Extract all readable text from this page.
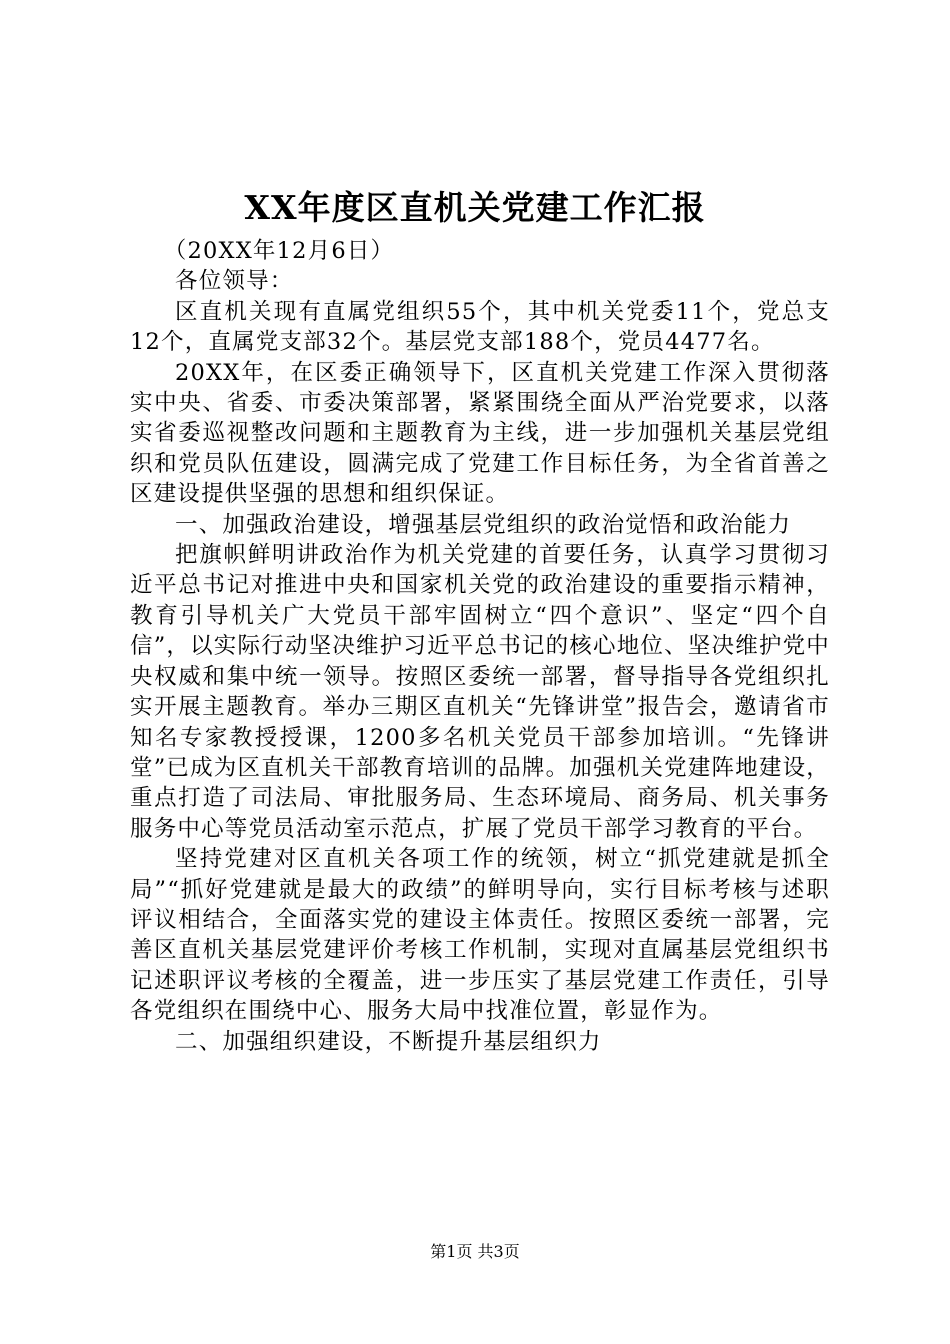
XX年度区直机关党建工作汇报

（20XX年12月6日）

各位领导：

区直机关现有直属党组织55个，其中机关党委11个，党总支12个，直属党支部32个。基层党支部188个，党员4477名。

20XX年，在区委正确领导下，区直机关党建工作深入贯彻落实中央、省委、市委决策部署，紧紧围绕全面从严治党要求，以落实省委巡视整改问题和主题教育为主线，进一步加强机关基层党组织和党员队伍建设，圆满完成了党建工作目标任务，为全省首善之区建设提供坚强的思想和组织保证。

一、加强政治建设，增强基层党组织的政治觉悟和政治能力

把旗帜鲜明讲政治作为机关党建的首要任务，认真学习贯彻习近平总书记对推进中央和国家机关党的政治建设的重要指示精神，教育引导机关广大党员干部牢固树立“四个意识”、坚定“四个自信”，以实际行动坚决维护习近平总书记的核心地位、坚决维护党中央权威和集中统一领导。按照区委统一部署，督导指导各党组织扎实开展主题教育。举办三期区直机关“先锋讲堂”报告会，邀请省市知名专家教授授课，1200多名机关党员干部参加培训。“先锋讲堂”已成为区直机关干部教育培训的品牌。加强机关党建阵地建设，重点打造了司法局、审批服务局、生态环境局、商务局、机关事务服务中心等党员活动室示范点，扩展了党员干部学习教育的平台。

坚持党建对区直机关各项工作的统领，树立“抓党建就是抓全局”“抓好党建就是最大的政绩”的鲜明导向，实行目标考核与述职评议相结合，全面落实党的建设主体责任。按照区委统一部署，完善区直机关基层党建评价考核工作机制，实现对直属基层党组织书记述职评议考核的全覆盖，进一步压实了基层党建工作责任，引导各党组织在围绕中心、服务大局中找准位置，彰显作为。

二、加强组织建设，不断提升基层组织力

第1页 共3页
